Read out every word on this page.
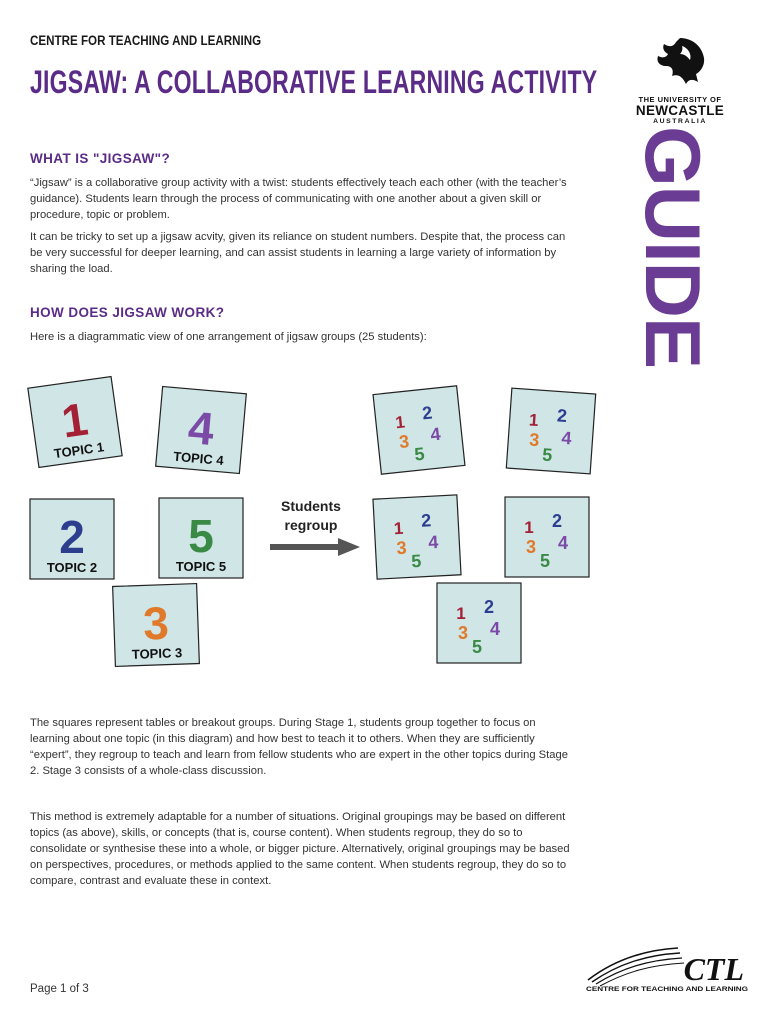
CENTRE FOR TEACHING AND LEARNING
JIGSAW: A COLLABORATIVE LEARNING ACTIVITY	THE UNIVERSITY OF
NEWCASTLE
AUSTRALIA
GUIDE
WHAT IS "JIGSAW"?
“Jigsaw” is a collaborative group activity with a twist: students effectively teach each other (with the teacher’s guidance). Students learn through the process of communicating with one another about a given skill or procedure, topic or problem.
It can be tricky to set up a jigsaw acvity, given its reliance on student numbers. Despite that, the process can be very successful for deeper learning, and can assist students in learning a large variety of information by sharing the load.
HOW DOES JIGSAW WORK?
Here is a diagrammatic view of one arrangement of jigsaw groups (25 students):
1
TOPIC 1 4
TOPIC 4
2
TOPIC 2
5
TOPIC 5
3
TOPIC 3
1 2
3 4
5
1 2
3 4
5
1 2
3 4
5
1 2
3 4
5
1 2
3 4
5
Students
regroup
The squares represent tables or breakout groups. During Stage 1, students group together to focus on learning about one topic (in this diagram) and how best to teach it to others. When they are sufficiently “expert”, they regroup to teach and learn from fellow students who are expert in the other topics during Stage 2. Stage 3 consists of a whole-class discussion.
This method is extremely adaptable for a number of situations. Original groupings may be based on different topics (as above), skills, or concepts (that is, course content). When students regroup, they do so to consolidate or synthesise these into a whole, or bigger picture. Alternatively, original groupings may be based on perspectives, procedures, or methods applied to the same content. When students regroup, they do so to compare, contrast and evaluate these in context.
Page 1 of 3
CTL
CENTRE FOR TEACHING AND LEARNING
